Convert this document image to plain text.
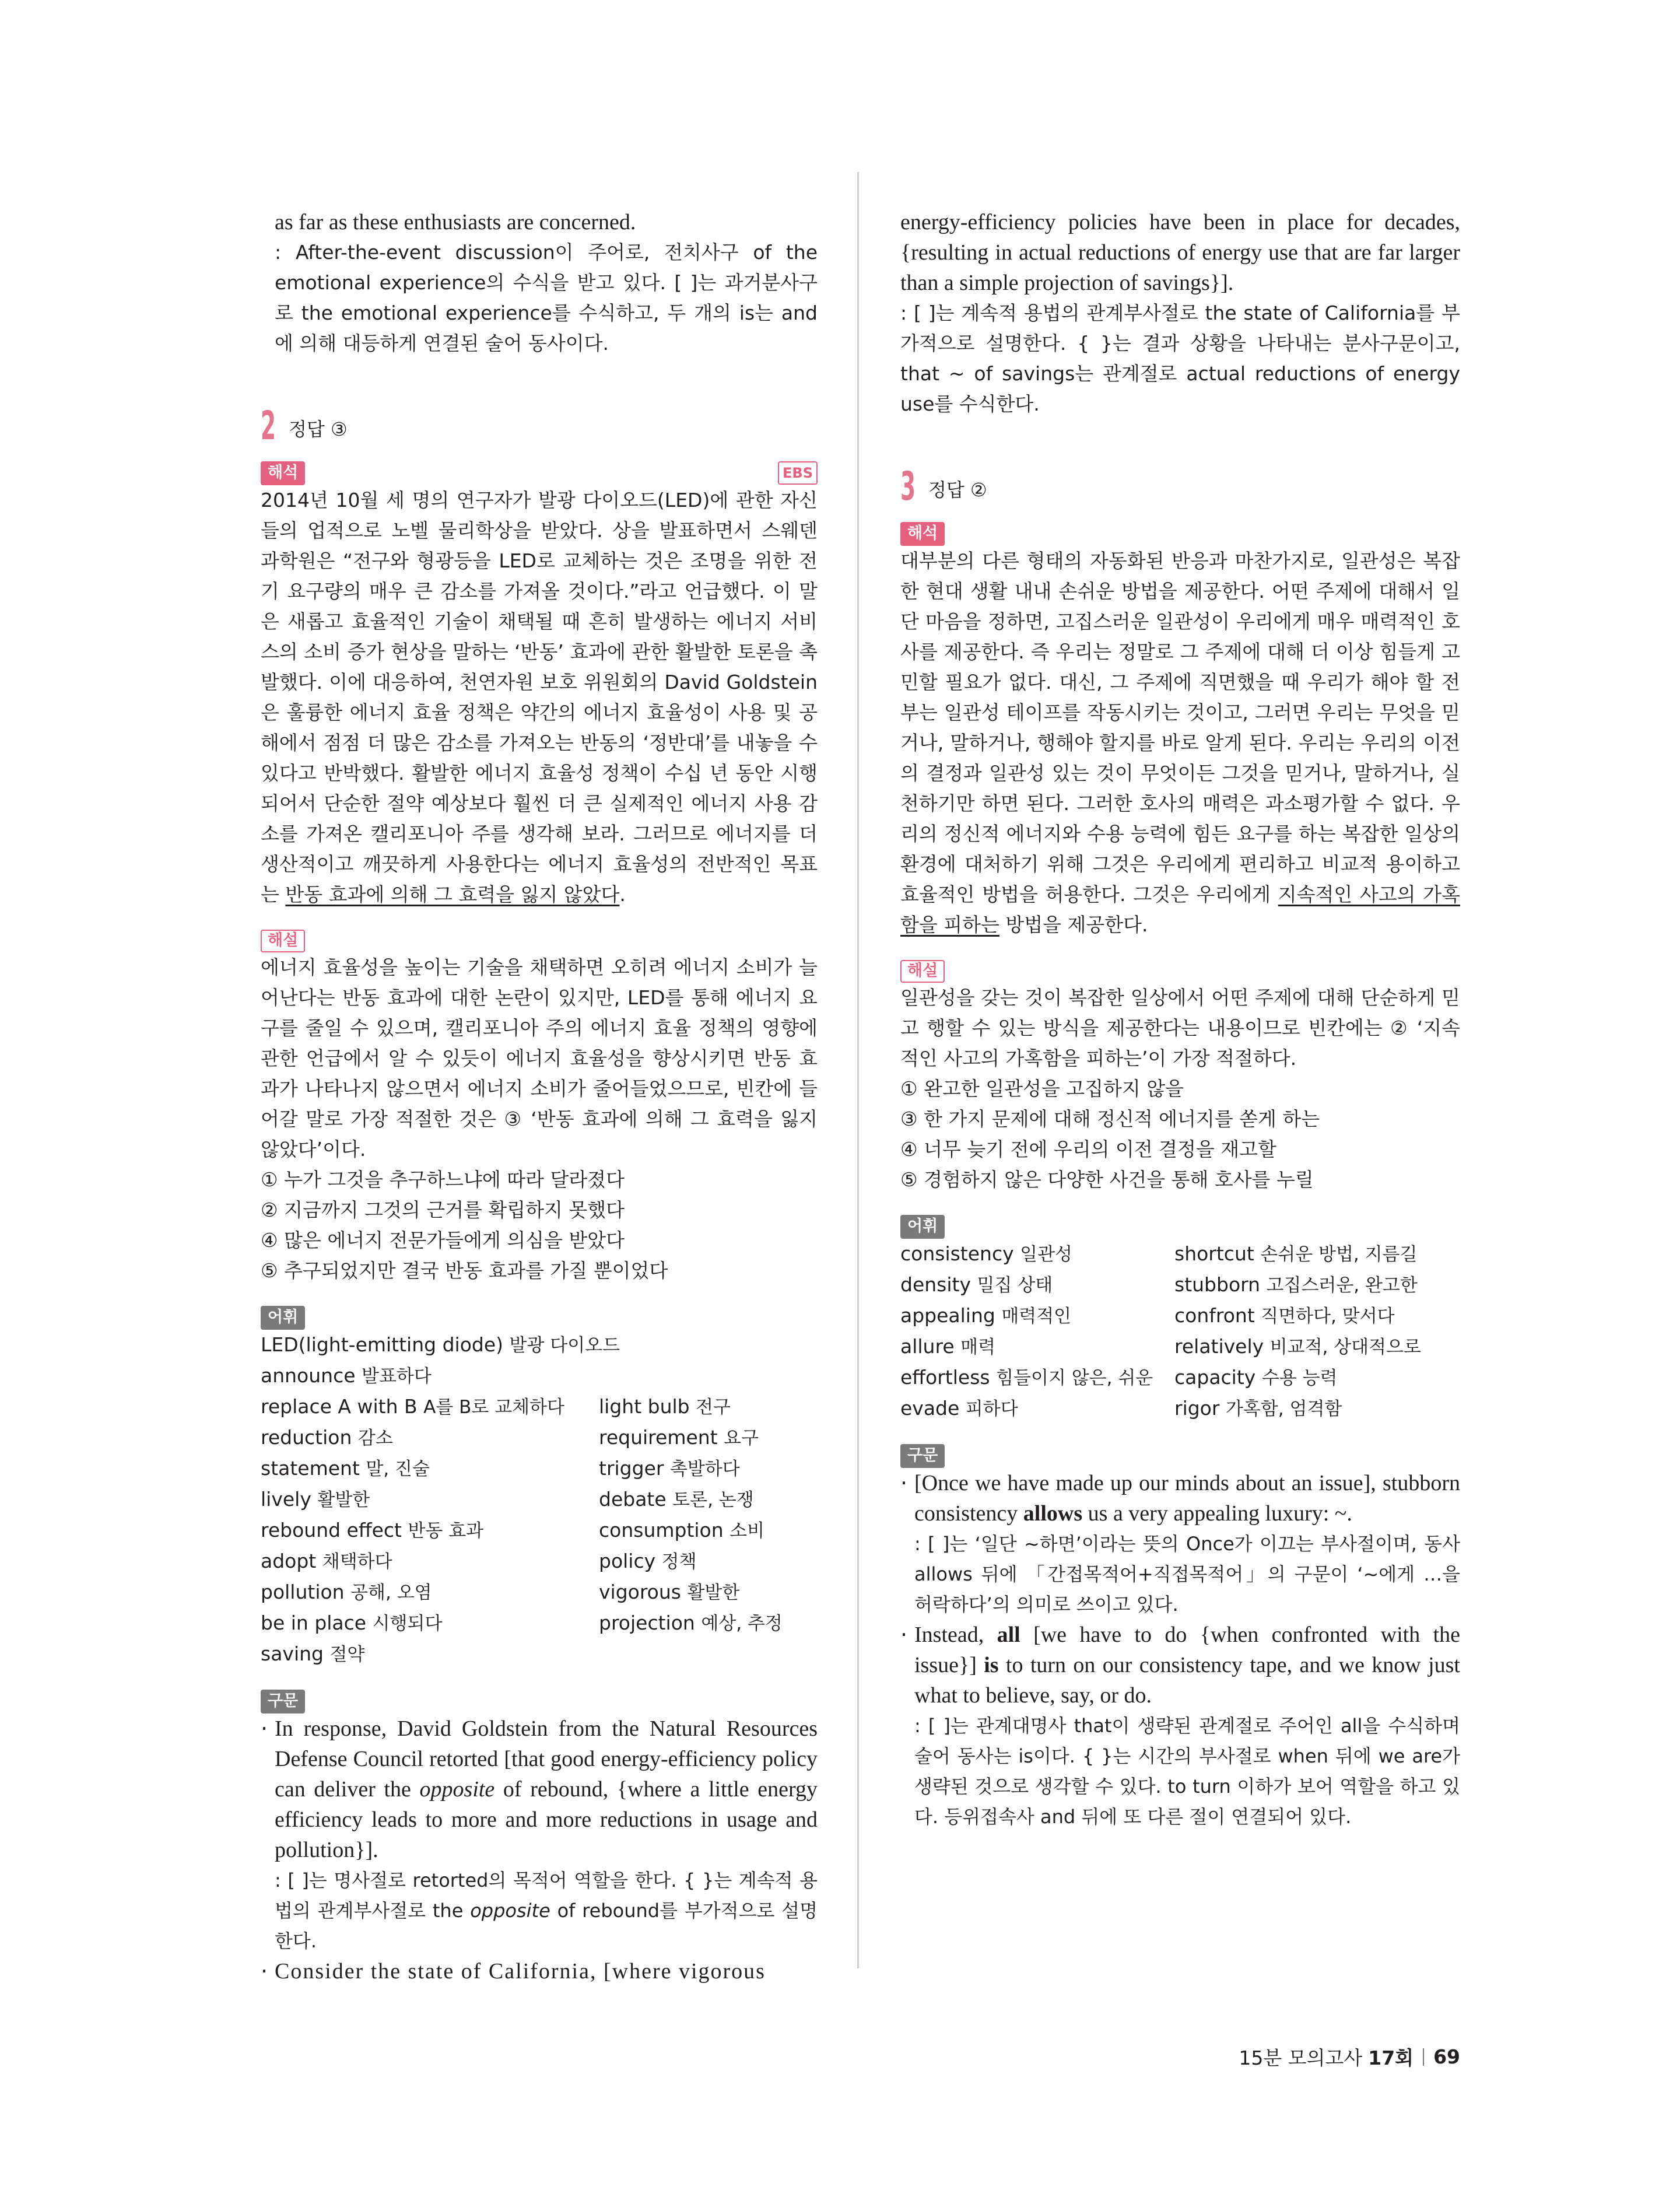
as far as these enthusiasts are concerned.

: After-the-event discussion이 주어로, 전치사구 of the emotional experience의 수식을 받고 있다. [ ]는 과거분사구로 the emotional experience를 수식하고, 두 개의 is는 and에 의해 대등하게 연결된 술어 동사이다.

2 정답 ③
해석	EBS

2014년 10월 세 명의 연구자가 발광 다이오드(LED)에 관한 자신들의 업적으로 노벨 물리학상을 받았다. 상을 발표하면서 스웨덴 과학원은 “전구와 형광등을 LED로 교체하는 것은 조명을 위한 전기 요구량의 매우 큰 감소를 가져올 것이다.”라고 언급했다. 이 말은 새롭고 효율적인 기술이 채택될 때 흔히 발생하는 에너지 서비스의 소비 증가 현상을 말하는 ‘반동’ 효과에 관한 활발한 토론을 촉발했다. 이에 대응하여, 천연자원 보호 위원회의 David Goldstein은 훌륭한 에너지 효율 정책은 약간의 에너지 효율성이 사용 및 공해에서 점점 더 많은 감소를 가져오는 반동의 ‘정반대’를 내놓을 수 있다고 반박했다. 활발한 에너지 효율성 정책이 수십 년 동안 시행되어서 단순한 절약 예상보다 훨씬 더 큰 실제적인 에너지 사용 감소를 가져온 캘리포니아 주를 생각해 보라. 그러므로 에너지를 더 생산적이고 깨끗하게 사용한다는 에너지 효율성의 전반적인 목표는 반동 효과에 의해 그 효력을 잃지 않았다.

해설

에너지 효율성을 높이는 기술을 채택하면 오히려 에너지 소비가 늘어난다는 반동 효과에 대한 논란이 있지만, LED를 통해 에너지 요구를 줄일 수 있으며, 캘리포니아 주의 에너지 효율 정책의 영향에 관한 언급에서 알 수 있듯이 에너지 효율성을 향상시키면 반동 효과가 나타나지 않으면서 에너지 소비가 줄어들었으므로, 빈칸에 들어갈 말로 가장 적절한 것은 ③ ‘반동 효과에 의해 그 효력을 잃지 않았다’이다.

① 누가 그것을 추구하느냐에 따라 달라졌다

② 지금까지 그것의 근거를 확립하지 못했다

④ 많은 에너지 전문가들에게 의심을 받았다

⑤ 추구되었지만 결국 반동 효과를 가질 뿐이었다

어휘
LED(light-emitting diode) 발광 다이오드
announce 발표하다
replace A with B A를 B로 교체하다	light bulb 전구
reduction 감소	requirement 요구
statement 말, 진술	trigger 촉발하다
lively 활발한	debate 토론, 논쟁
rebound effect 반동 효과	consumption 소비
adopt 채택하다	policy 정책
pollution 공해, 오염	vigorous 활발한
be in place 시행되다	projection 예상, 추정
saving 절약
구문
· In response, David Goldstein from the Natural Resources Defense Council retorted [that good energy-efficiency policy can deliver the opposite of rebound, {where a little energy efficiency leads to more and more reductions in usage and pollution}].

: [ ]는 명사절로 retorted의 목적어 역할을 한다. { }는 계속적 용법의 관계부사절로 the opposite of rebound를 부가적으로 설명한다.

· Consider the state of California, [where vigorous

energy-efficiency policies have been in place for decades, {resulting in actual reductions of energy use that are far larger than a simple projection of savings}].

: [ ]는 계속적 용법의 관계부사절로 the state of California를 부가적으로 설명한다. { }는 결과 상황을 나타내는 분사구문이고, that ~ of savings는 관계절로 actual reductions of energy use를 수식한다.

3 정답 ②
해석

대부분의 다른 형태의 자동화된 반응과 마찬가지로, 일관성은 복잡한 현대 생활 내내 손쉬운 방법을 제공한다. 어떤 주제에 대해서 일단 마음을 정하면, 고집스러운 일관성이 우리에게 매우 매력적인 호사를 제공한다. 즉 우리는 정말로 그 주제에 대해 더 이상 힘들게 고민할 필요가 없다. 대신, 그 주제에 직면했을 때 우리가 해야 할 전부는 일관성 테이프를 작동시키는 것이고, 그러면 우리는 무엇을 믿거나, 말하거나, 행해야 할지를 바로 알게 된다. 우리는 우리의 이전의 결정과 일관성 있는 것이 무엇이든 그것을 믿거나, 말하거나, 실천하기만 하면 된다. 그러한 호사의 매력은 과소평가할 수 없다. 우리의 정신적 에너지와 수용 능력에 힘든 요구를 하는 복잡한 일상의 환경에 대처하기 위해 그것은 우리에게 편리하고 비교적 용이하고 효율적인 방법을 허용한다. 그것은 우리에게 지속적인 사고의 가혹함을 피하는 방법을 제공한다.

해설

일관성을 갖는 것이 복잡한 일상에서 어떤 주제에 대해 단순하게 믿고 행할 수 있는 방식을 제공한다는 내용이므로 빈칸에는 ② ‘지속적인 사고의 가혹함을 피하는’이 가장 적절하다.

① 완고한 일관성을 고집하지 않을

③ 한 가지 문제에 대해 정신적 에너지를 쏟게 하는

④ 너무 늦기 전에 우리의 이전 결정을 재고할

⑤ 경험하지 않은 다양한 사건을 통해 호사를 누릴

어휘
consistency 일관성	shortcut 손쉬운 방법, 지름길
density 밀집 상태	stubborn 고집스러운, 완고한
appealing 매력적인	confront 직면하다, 맞서다
allure 매력	relatively 비교적, 상대적으로
effortless 힘들이지 않은, 쉬운	capacity 수용 능력
evade 피하다	rigor 가혹함, 엄격함
구문
· [Once we have made up our minds about an issue], stubborn consistency allows us a very appealing luxury: ~.

: [ ]는 ‘일단 ~하면’이라는 뜻의 Once가 이끄는 부사절이며, 동사 allows 뒤에 「간접목적어+직접목적어」의 구문이 ‘~에게 …을 허락하다’의 의미로 쓰이고 있다.

· Instead, all [we have to do {when confronted with the issue}] is to turn on our consistency tape, and we know just what to believe, say, or do.

: [ ]는 관계대명사 that이 생략된 관계절로 주어인 all을 수식하며 술어 동사는 is이다. { }는 시간의 부사절로 when 뒤에 we are가 생략된 것으로 생각할 수 있다. to turn 이하가 보어 역할을 하고 있다. 등위접속사 and 뒤에 또 다른 절이 연결되어 있다.

15분 모의고사 17회 69
